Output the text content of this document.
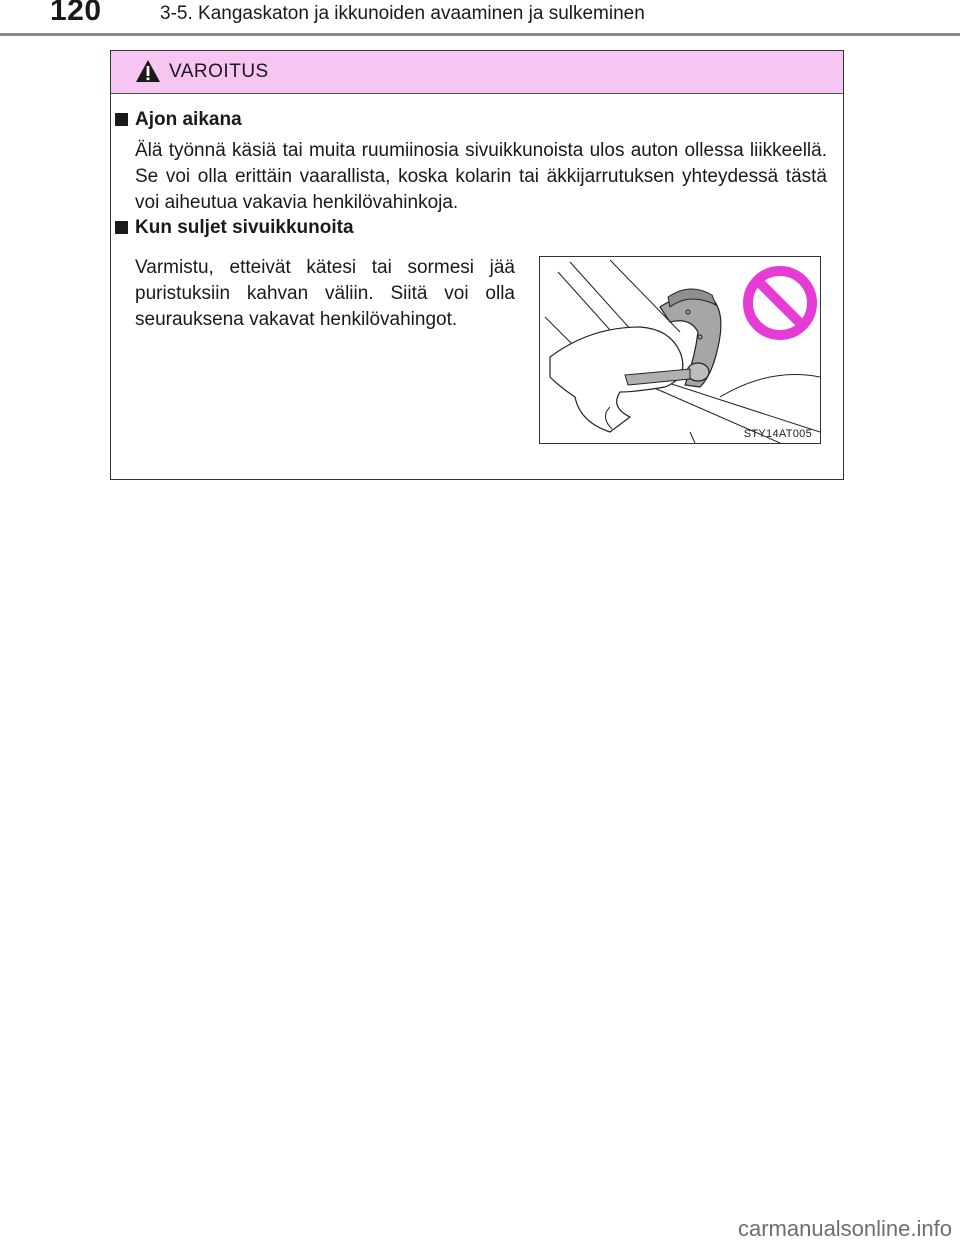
120	3-5. Kangaskaton ja ikkunoiden avaaminen ja sulkeminen
VAROITUS
Ajon aikana
Älä työnnä käsiä tai muita ruumiinosia sivuikkunoista ulos auton ollessa liikkeellä. Se voi olla erittäin vaarallista, koska kolarin tai äkkijarrutuksen yhteydessä tästä voi aiheutua vakavia henkilövahinkoja.
Kun suljet sivuikkunoita
Varmistu, etteivät kätesi tai sormesi jää puristuksiin kahvan väliin. Siitä voi olla seurauksena vakavat henkilövahingot.
STY14AT005
carmanualsonline.info
